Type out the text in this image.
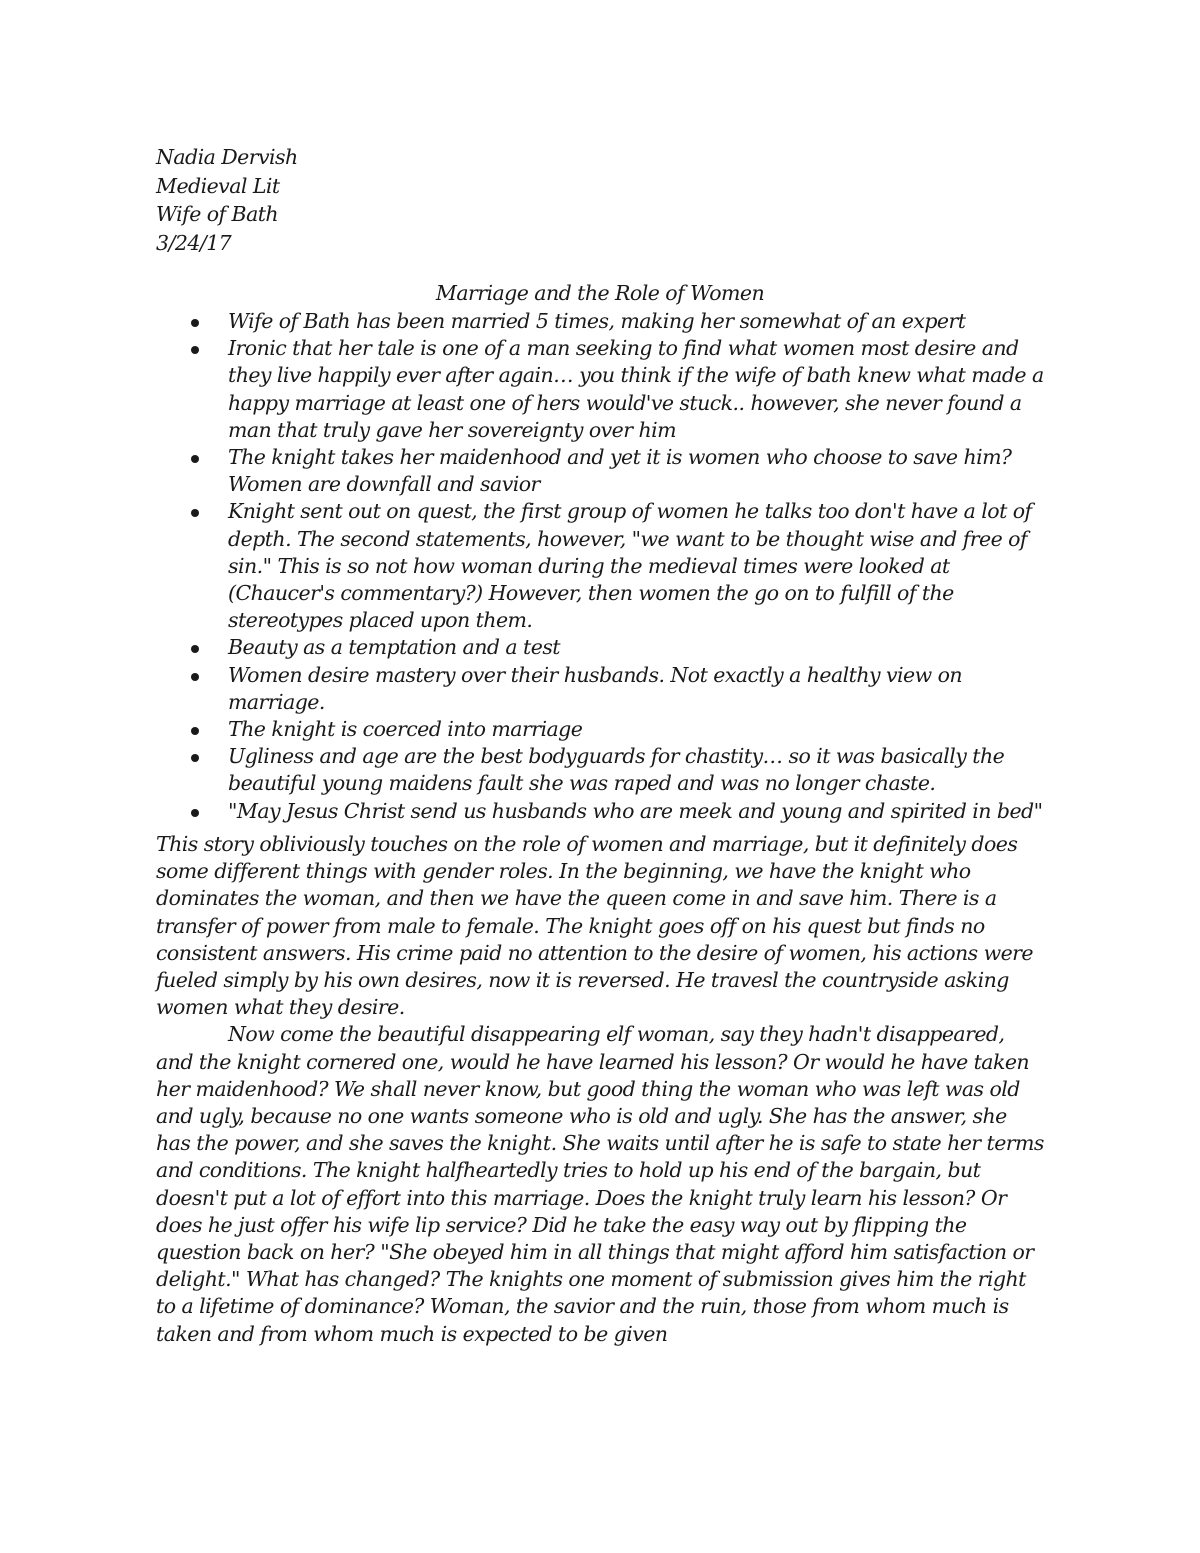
Nadia Dervish
Medieval Lit
Wife of Bath
3/24/17
Marriage and the Role of Women
Wife of Bath has been married 5 times, making her somewhat of an expert
Ironic that her tale is one of a man seeking to find what women most desire and they live happily ever after again… you think if the wife of bath knew what made a happy marriage at least one of hers would've stuck.. however, she never found a man that truly gave her sovereignty over him
The knight takes her maidenhood and yet it is women who choose to save him? Women are downfall and savior
Knight sent out on quest, the first group of women he talks too don't have a lot of depth. The second statements, however, "we want to be thought wise and free of sin." This is so not how woman during the medieval times were looked at (Chaucer's commentary?) However, then women the go on to fulfill of the stereotypes placed upon them.
Beauty as a temptation and a test
Women desire mastery over their husbands. Not exactly a healthy view on marriage.
The knight is coerced into marriage
Ugliness and age are the best bodyguards for chastity… so it was basically the beautiful young maidens fault she was raped and was no longer chaste.
"May Jesus Christ send us husbands who are meek and young and spirited in bed"

This story obliviously touches on the role of women and marriage, but it definitely does some different things with gender roles. In the beginning, we have the knight who dominates the woman, and then we have the queen come in and save him. There is a transfer of power from male to female. The knight goes off on his quest but finds no consistent answers. His crime paid no attention to the desire of women, his actions were fueled simply by his own desires, now it is reversed. He travesl the countryside asking women what they desire.

Now come the beautiful disappearing elf woman, say they hadn't disappeared, and the knight cornered one, would he have learned his lesson? Or would he have taken her maidenhood? We shall never know, but good thing the woman who was left was old and ugly, because no one wants someone who is old and ugly. She has the answer, she has the power, and she saves the knight. She waits until after he is safe to state her terms and conditions. The knight halfheartedly tries to hold up his end of the bargain, but doesn't put a lot of effort into this marriage. Does the knight truly learn his lesson? Or does he just offer his wife lip service? Did he take the easy way out by flipping the question back on her? "She obeyed him in all things that might afford him satisfaction or delight." What has changed? The knights one moment of submission gives him the right to a lifetime of dominance? Woman, the savior and the ruin, those from whom much is taken and from whom much is expected to be given
